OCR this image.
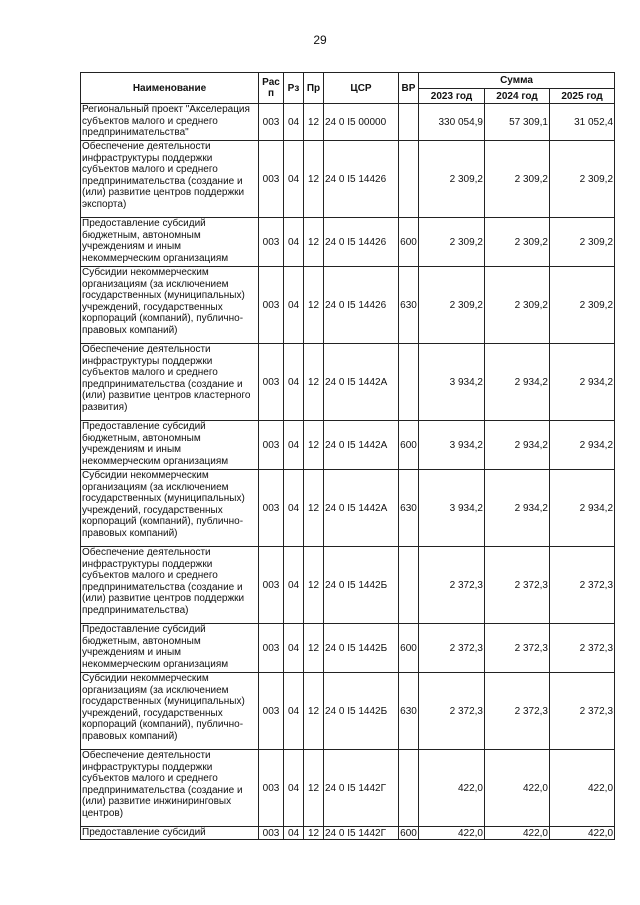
29
Наименование	Рас п	Рз	Пр	ЦСР	ВР	Сумма		
						2023 год	2024 год	2025 год
Региональный проект "Акселерация субъектов малого и среднего предпринимательства"	003	04	12	24 0 I5 00000		330 054,9	57 309,1	31 052,4
Обеспечение деятельности инфраструктуры поддержки субъектов малого и среднего предпринимательства (создание и (или) развитие центров поддержки экспорта)	003	04	12	24 0 I5 14426		2 309,2	2 309,2	2 309,2
Предоставление субсидий бюджетным, автономным учреждениям и иным некоммерческим организациям	003	04	12	24 0 I5 14426	600	2 309,2	2 309,2	2 309,2
Субсидии некоммерческим организациям (за исключением государственных (муниципальных) учреждений, государственных корпораций (компаний), публично-правовых компаний)	003	04	12	24 0 I5 14426	630	2 309,2	2 309,2	2 309,2
Обеспечение деятельности инфраструктуры поддержки субъектов малого и среднего предпринимательства (создание и (или) развитие центров кластерного развития)	003	04	12	24 0 I5 1442А		3 934,2	2 934,2	2 934,2
Предоставление субсидий бюджетным, автономным учреждениям и иным некоммерческим организациям	003	04	12	24 0 I5 1442А	600	3 934,2	2 934,2	2 934,2
Субсидии некоммерческим организациям (за исключением государственных (муниципальных) учреждений, государственных корпораций (компаний), публично-правовых компаний)	003	04	12	24 0 I5 1442А	630	3 934,2	2 934,2	2 934,2
Обеспечение деятельности инфраструктуры поддержки субъектов малого и среднего предпринимательства (создание и (или) развитие центров поддержки предпринимательства)	003	04	12	24 0 I5 1442Б		2 372,3	2 372,3	2 372,3
Предоставление субсидий бюджетным, автономным учреждениям и иным некоммерческим организациям	003	04	12	24 0 I5 1442Б	600	2 372,3	2 372,3	2 372,3
Субсидии некоммерческим организациям (за исключением государственных (муниципальных) учреждений, государственных корпораций (компаний), публично-правовых компаний)	003	04	12	24 0 I5 1442Б	630	2 372,3	2 372,3	2 372,3
Обеспечение деятельности инфраструктуры поддержки субъектов малого и среднего предпринимательства (создание и (или) развитие инжиниринговых центров)	003	04	12	24 0 I5 1442Г		422,0	422,0	422,0
Предоставление субсидий	003	04	12	24 0 I5 1442Г	600	422,0	422,0	422,0
